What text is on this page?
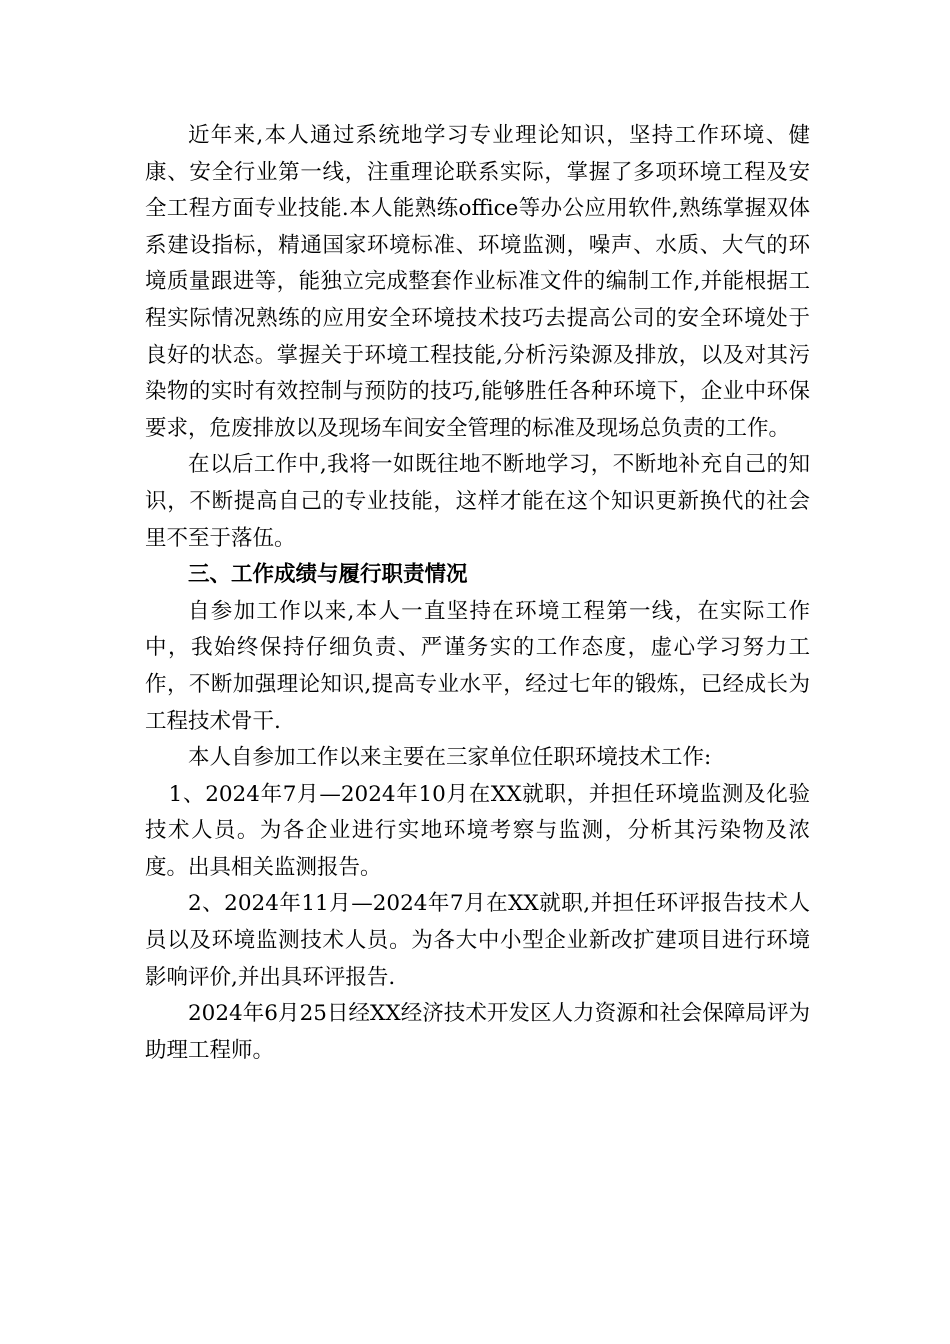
近年来,本人通过系统地学习专业理论知识，坚持工作环境、健康、安全行业第一线，注重理论联系实际，掌握了多项环境工程及安全工程方面专业技能.本人能熟练office等办公应用软件,熟练掌握双体系建设指标，精通国家环境标准、环境监测，噪声、水质、大气的环境质量跟进等，能独立完成整套作业标准文件的编制工作,并能根据工程实际情况熟练的应用安全环境技术技巧去提高公司的安全环境处于良好的状态。掌握关于环境工程技能,分析污染源及排放，以及对其污染物的实时有效控制与预防的技巧,能够胜任各种环境下，企业中环保要求，危废排放以及现场车间安全管理的标准及现场总负责的工作。

在以后工作中,我将一如既往地不断地学习，不断地补充自己的知识，不断提高自己的专业技能，这样才能在这个知识更新换代的社会里不至于落伍。

三、工作成绩与履行职责情况

自参加工作以来,本人一直坚持在环境工程第一线，在实际工作中，我始终保持仔细负责、严谨务实的工作态度，虚心学习努力工作，不断加强理论知识,提高专业水平，经过七年的锻炼，已经成长为工程技术骨干.

本人自参加工作以来主要在三家单位任职环境技术工作:

1、2024年7月—2024年10月在XX就职，并担任环境监测及化验技术人员。为各企业进行实地环境考察与监测，分析其污染物及浓度。出具相关监测报告。

2、2024年11月—2024年7月在XX就职,并担任环评报告技术人员以及环境监测技术人员。为各大中小型企业新改扩建项目进行环境影响评价,并出具环评报告.

2024年6月25日经XX经济技术开发区人力资源和社会保障局评为助理工程师。
